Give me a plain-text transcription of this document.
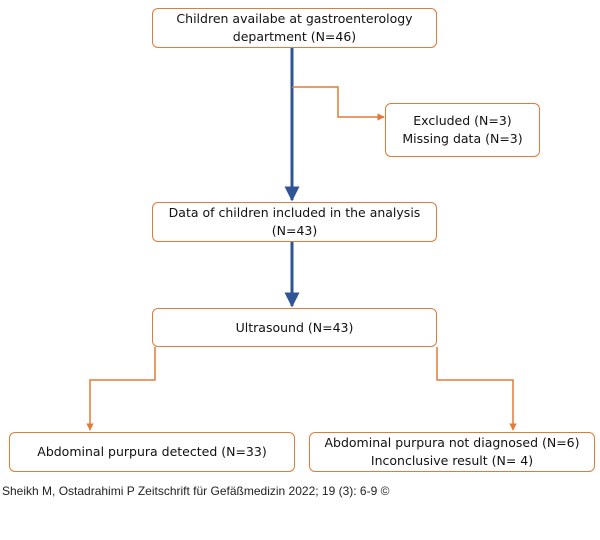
Children availabe at gastroenterology
department (N=46)
Excluded (N=3)
Missing data (N=3)
Data of children included in the analysis
(N=43)
Ultrasound (N=43)
Abdominal purpura detected (N=33)
Abdominal purpura not diagnosed (N=6)
Inconclusive result (N= 4)
Sheikh M, Ostadrahimi P Zeitschrift für Gefäßmedizin 2022; 19 (3): 6-9 ©
